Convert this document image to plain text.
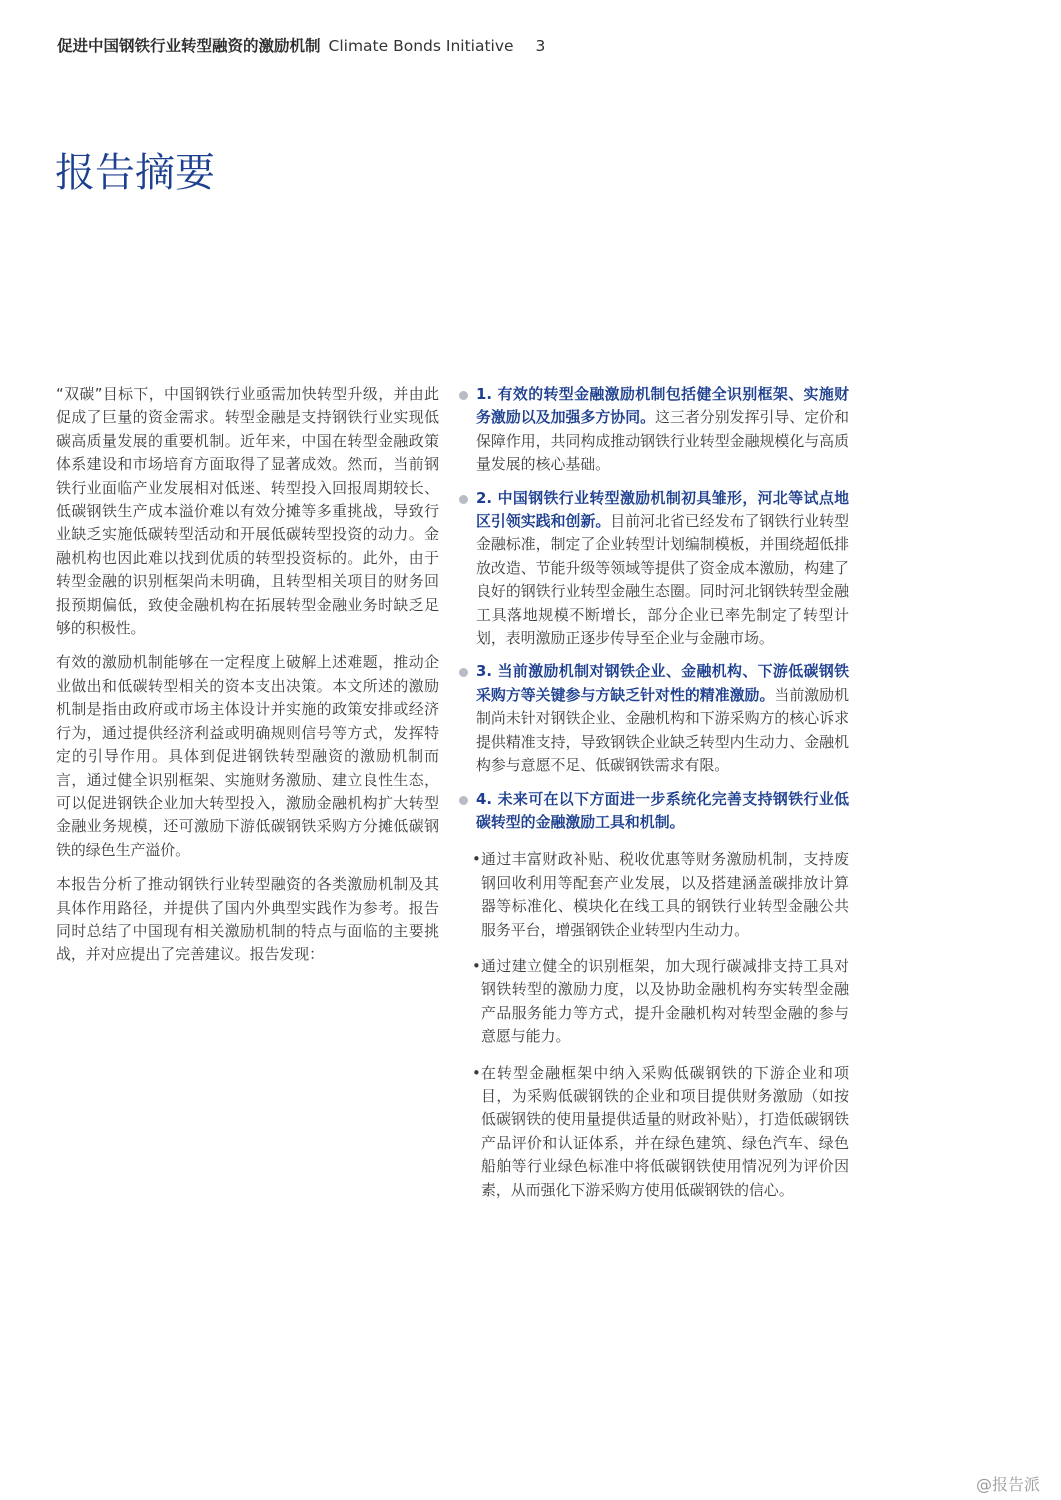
促进中国钢铁行业转型融资的激励机制 Climate Bonds Initiative 3
报告摘要

“双碳”目标下，中国钢铁行业亟需加快转型升级，并由此促成了巨量的资金需求。转型金融是支持钢铁行业实现低碳高质量发展的重要机制。近年来，中国在转型金融政策体系建设和市场培育方面取得了显著成效。然而，当前钢铁行业面临产业发展相对低迷、转型投入回报周期较长、低碳钢铁生产成本溢价难以有效分摊等多重挑战，导致行业缺乏实施低碳转型活动和开展低碳转型投资的动力。金融机构也因此难以找到优质的转型投资标的。此外，由于转型金融的识别框架尚未明确，且转型相关项目的财务回报预期偏低，致使金融机构在拓展转型金融业务时缺乏足够的积极性。

有效的激励机制能够在一定程度上破解上述难题，推动企业做出和低碳转型相关的资本支出决策。本文所述的激励机制是指由政府或市场主体设计并实施的政策安排或经济行为，通过提供经济利益或明确规则信号等方式，发挥特定的引导作用。具体到促进钢铁转型融资的激励机制而言，通过健全识别框架、实施财务激励、建立良性生态，可以促进钢铁企业加大转型投入，激励金融机构扩大转型金融业务规模，还可激励下游低碳钢铁采购方分摊低碳钢铁的绿色生产溢价。

本报告分析了推动钢铁行业转型融资的各类激励机制及其具体作用路径，并提供了国内外典型实践作为参考。报告同时总结了中国现有相关激励机制的特点与面临的主要挑战，并对应提出了完善建议。报告发现：

1. 有效的转型金融激励机制包括健全识别框架、实施财务激励以及加强多方协同。这三者分别发挥引导、定价和保障作用，共同构成推动钢铁行业转型金融规模化与高质量发展的核心基础。
2. 中国钢铁行业转型激励机制初具雏形，河北等试点地区引领实践和创新。目前河北省已经发布了钢铁行业转型金融标准，制定了企业转型计划编制模板，并围绕超低排放改造、节能升级等领域等提供了资金成本激励，构建了良好的钢铁行业转型金融生态圈。同时河北钢铁转型金融工具落地规模不断增长，部分企业已率先制定了转型计划，表明激励正逐步传导至企业与金融市场。
3. 当前激励机制对钢铁企业、金融机构、下游低碳钢铁采购方等关键参与方缺乏针对性的精准激励。当前激励机制尚未针对钢铁企业、金融机构和下游采购方的核心诉求提供精准支持，导致钢铁企业缺乏转型内生动力、金融机构参与意愿不足、低碳钢铁需求有限。
4. 未来可在以下方面进一步系统化完善支持钢铁行业低碳转型的金融激励工具和机制。
• 通过丰富财政补贴、税收优惠等财务激励机制，支持废钢回收利用等配套产业发展，以及搭建涵盖碳排放计算器等标准化、模块化在线工具的钢铁行业转型金融公共服务平台，增强钢铁企业转型内生动力。
• 通过建立健全的识别框架，加大现行碳减排支持工具对钢铁转型的激励力度，以及协助金融机构夯实转型金融产品服务能力等方式，提升金融机构对转型金融的参与意愿与能力。
• 在转型金融框架中纳入采购低碳钢铁的下游企业和项目，为采购低碳钢铁的企业和项目提供财务激励（如按低碳钢铁的使用量提供适量的财政补贴），打造低碳钢铁产品评价和认证体系，并在绿色建筑、绿色汽车、绿色船舶等行业绿色标准中将低碳钢铁使用情况列为评价因素，从而强化下游采购方使用低碳钢铁的信心。
@报告派
